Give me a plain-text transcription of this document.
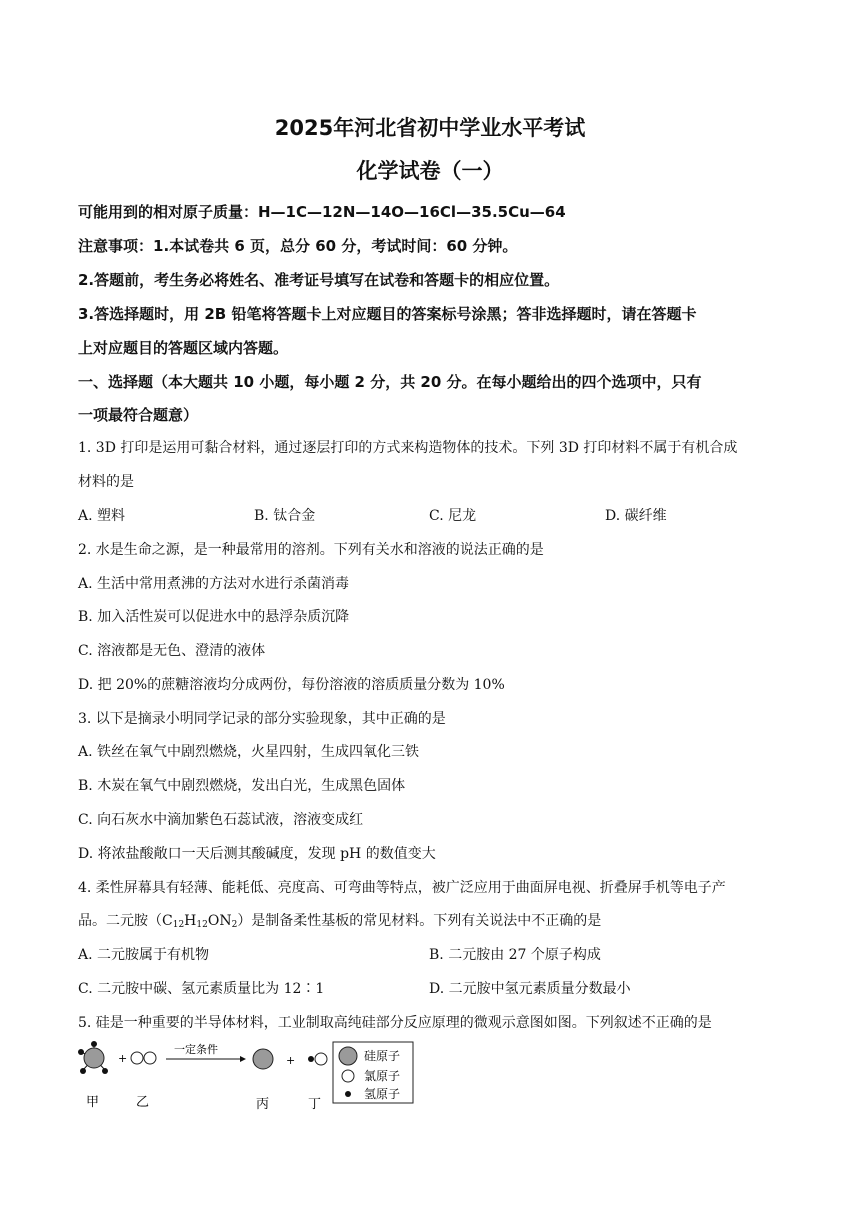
2025年河北省初中学业水平考试
化学试卷（一）
可能用到的相对原子质量：H—1C—12N—14O—16Cl—35.5Cu—64
注意事项：1.本试卷共 6 页，总分 60 分，考试时间：60 分钟。
2.答题前，考生务必将姓名、准考证号填写在试卷和答题卡的相应位置。
3.答选择题时，用 2B 铅笔将答题卡上对应题目的答案标号涂黑；答非选择题时，请在答题卡
上对应题目的答题区域内答题。
一、选择题（本大题共 10 小题，每小题 2 分，共 20 分。在每小题给出的四个选项中，只有
一项最符合题意）
1. 3D 打印是运用可黏合材料，通过逐层打印的方式来构造物体的技术。下列 3D 打印材料不属于有机合成
材料的是
A. 塑料	B. 钛合金	C. 尼龙	D. 碳纤维
2. 水是生命之源，是一种最常用的溶剂。下列有关水和溶液的说法正确的是
A. 生活中常用煮沸的方法对水进行杀菌消毒
B. 加入活性炭可以促进水中的悬浮杂质沉降
C. 溶液都是无色、澄清的液体
D. 把 20%的蔗糖溶液均分成两份，每份溶液的溶质质量分数为 10%
3. 以下是摘录小明同学记录的部分实验现象，其中正确的是
A. 铁丝在氧气中剧烈燃烧，火星四射，生成四氧化三铁
B. 木炭在氧气中剧烈燃烧，发出白光，生成黑色固体
C. 向石灰水中滴加紫色石蕊试液，溶液变成红
D. 将浓盐酸敞口一天后测其酸碱度，发现 pH 的数值变大
4. 柔性屏幕具有轻薄、能耗低、亮度高、可弯曲等特点，被广泛应用于曲面屏电视、折叠屏手机等电子产
品。二元胺$(C_{12}H_{12}ON_2)$是制备柔性基板的常见材料。下列有关说法中不正确的是
A. 二元胺属于有机物	B. 二元胺由 27 个原子构成
C. 二元胺中碳、氢元素质量比为 12∶1	D. 二元胺中氢元素质量分数最小
5. 硅是一种重要的半导体材料，工业制取高纯硅部分反应原理的微观示意图如图。下列叙述不正确的是
+
一定条件
+	硅原子
氯原子
氢原子
甲	乙	丙	丁
